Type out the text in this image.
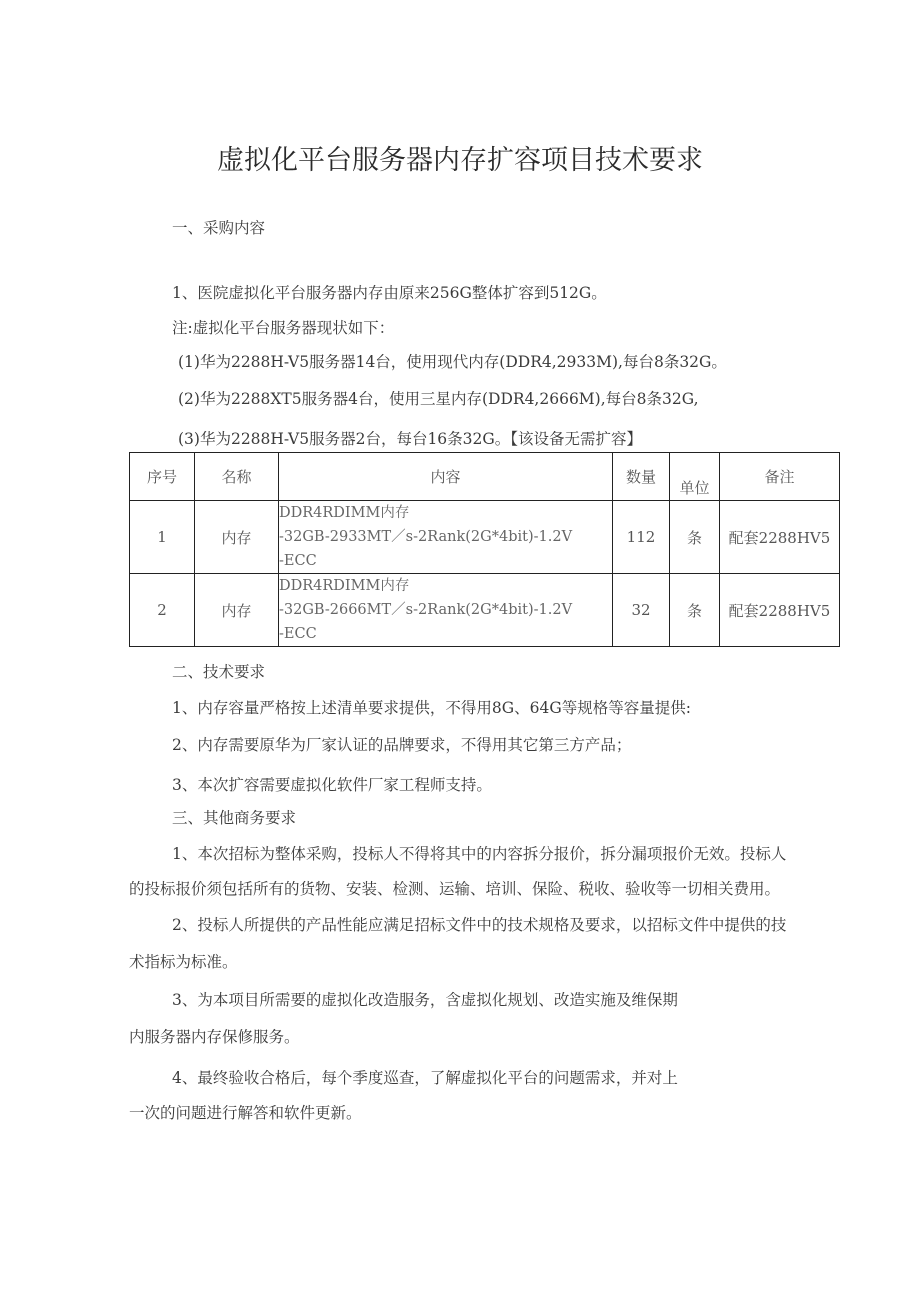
虚拟化平台服务器内存扩容项目技术要求
一、采购内容
1、医院虚拟化平台服务器内存由原来256G整体扩容到512G。
注:虚拟化平台服务器现状如下：
(1)华为2288H-V5服务器14台，使用现代内存(DDR4,2933M),每台8条32G。
(2)华为2288XT5服务器4台，使用三星内存(DDR4,2666M),每台8条32G,
(3)华为2288H-V5服务器2台，每台16条32G。【该设备无需扩容】
序号	名称	内容	数量	单位	备注
1	内存	DDR4RDIMM内存
-32GB-2933MT／s-2Rank(2G*4bit)-1.2V
-ECC	112	条	配套2288HV5
2	内存	DDR4RDIMM内存
-32GB-2666MT／s-2Rank(2G*4bit)-1.2V
-ECC	32	条	配套2288HV5
二、技术要求
1、内存容量严格按上述清单要求提供，不得用8G、64G等规格等容量提供:
2、内存需要原华为厂家认证的品牌要求，不得用其它第三方产品；
3、本次扩容需要虚拟化软件厂家工程师支持。
三、其他商务要求
1、本次招标为整体采购，投标人不得将其中的内容拆分报价，拆分漏项报价无效。投标人
的投标报价须包括所有的货物、安装、检测、运输、培训、保险、税收、验收等一切相关费用。
2、投标人所提供的产品性能应满足招标文件中的技术规格及要求，以招标文件中提供的技
术指标为标准。
3、为本项目所需要的虚拟化改造服务，含虚拟化规划、改造实施及维保期
内服务器内存保修服务。
4、最终验收合格后，每个季度巡查，了解虚拟化平台的问题需求，并对上
一次的问题进行解答和软件更新。
